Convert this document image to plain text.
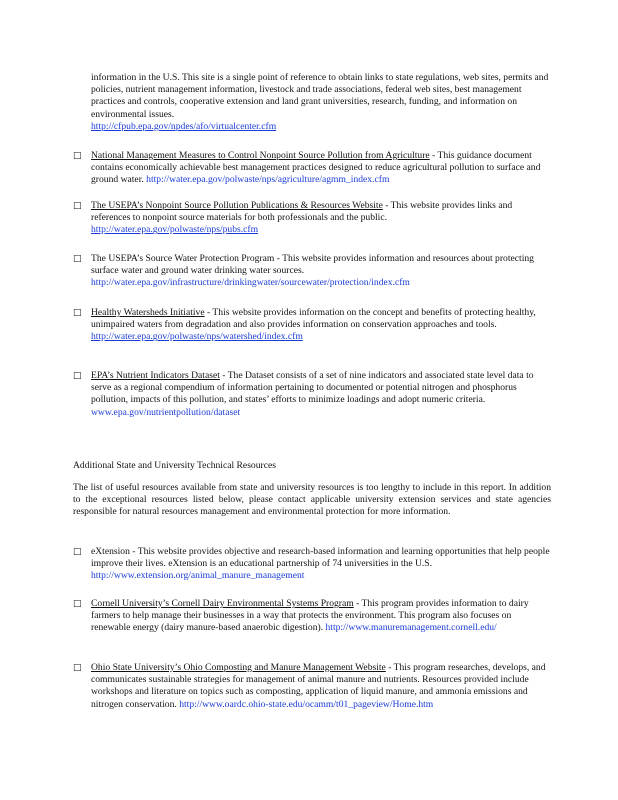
information in the U.S. This site is a single point of reference to obtain links to state regulations, web sites, permits and policies, nutrient management information, livestock and trade associations, federal web sites, best management practices and controls, cooperative extension and land grant universities, research, funding, and information on environmental issues.
http://cfpub.epa.gov/npdes/afo/virtualcenter.cfm
□ National Management Measures to Control Nonpoint Source Pollution from Agriculture - This guidance document contains economically achievable best management practices designed to reduce agricultural pollution to surface and ground water. http://water.epa.gov/polwaste/nps/agriculture/agmm_index.cfm
□ The USEPA’s Nonpoint Source Pollution Publications & Resources Website - This website provides links and references to nonpoint source materials for both professionals and the public. http://water.epa.gov/polwaste/nps/pubs.cfm
□ The USEPA’s Source Water Protection Program - This website provides information and resources about protecting surface water and ground water drinking water sources. http://water.epa.gov/infrastructure/drinkingwater/sourcewater/protection/index.cfm
□ Healthy Watersheds Initiative - This website provides information on the concept and benefits of protecting healthy, unimpaired waters from degradation and also provides information on conservation approaches and tools. http://water.epa.gov/polwaste/nps/watershed/index.cfm
□ EPA’s Nutrient Indicators Dataset - The Dataset consists of a set of nine indicators and associated state level data to serve as a regional compendium of information pertaining to documented or potential nitrogen and phosphorus pollution, impacts of this pollution, and states’ efforts to minimize loadings and adopt numeric criteria. www.epa.gov/nutrientpollution/dataset
Additional State and University Technical Resources
The list of useful resources available from state and university resources is too lengthy to include in this report. In addition to the exceptional resources listed below, please contact applicable university extension services and state agencies responsible for natural resources management and environmental protection for more information.
□ eXtension - This website provides objective and research-based information and learning opportunities that help people improve their lives. eXtension is an educational partnership of 74 universities in the U.S. http://www.extension.org/animal_manure_management
□ Cornell University’s Cornell Dairy Environmental Systems Program - This program provides information to dairy farmers to help manage their businesses in a way that protects the environment. This program also focuses on renewable energy (dairy manure-based anaerobic digestion). http://www.manuremanagement.cornell.edu/
□ Ohio State University’s Ohio Composting and Manure Management Website - This program researches, develops, and communicates sustainable strategies for management of animal manure and nutrients. Resources provided include workshops and literature on topics such as composting, application of liquid manure, and ammonia emissions and nitrogen conservation. http://www.oardc.ohio-state.edu/ocamm/t01_pageview/Home.htm
